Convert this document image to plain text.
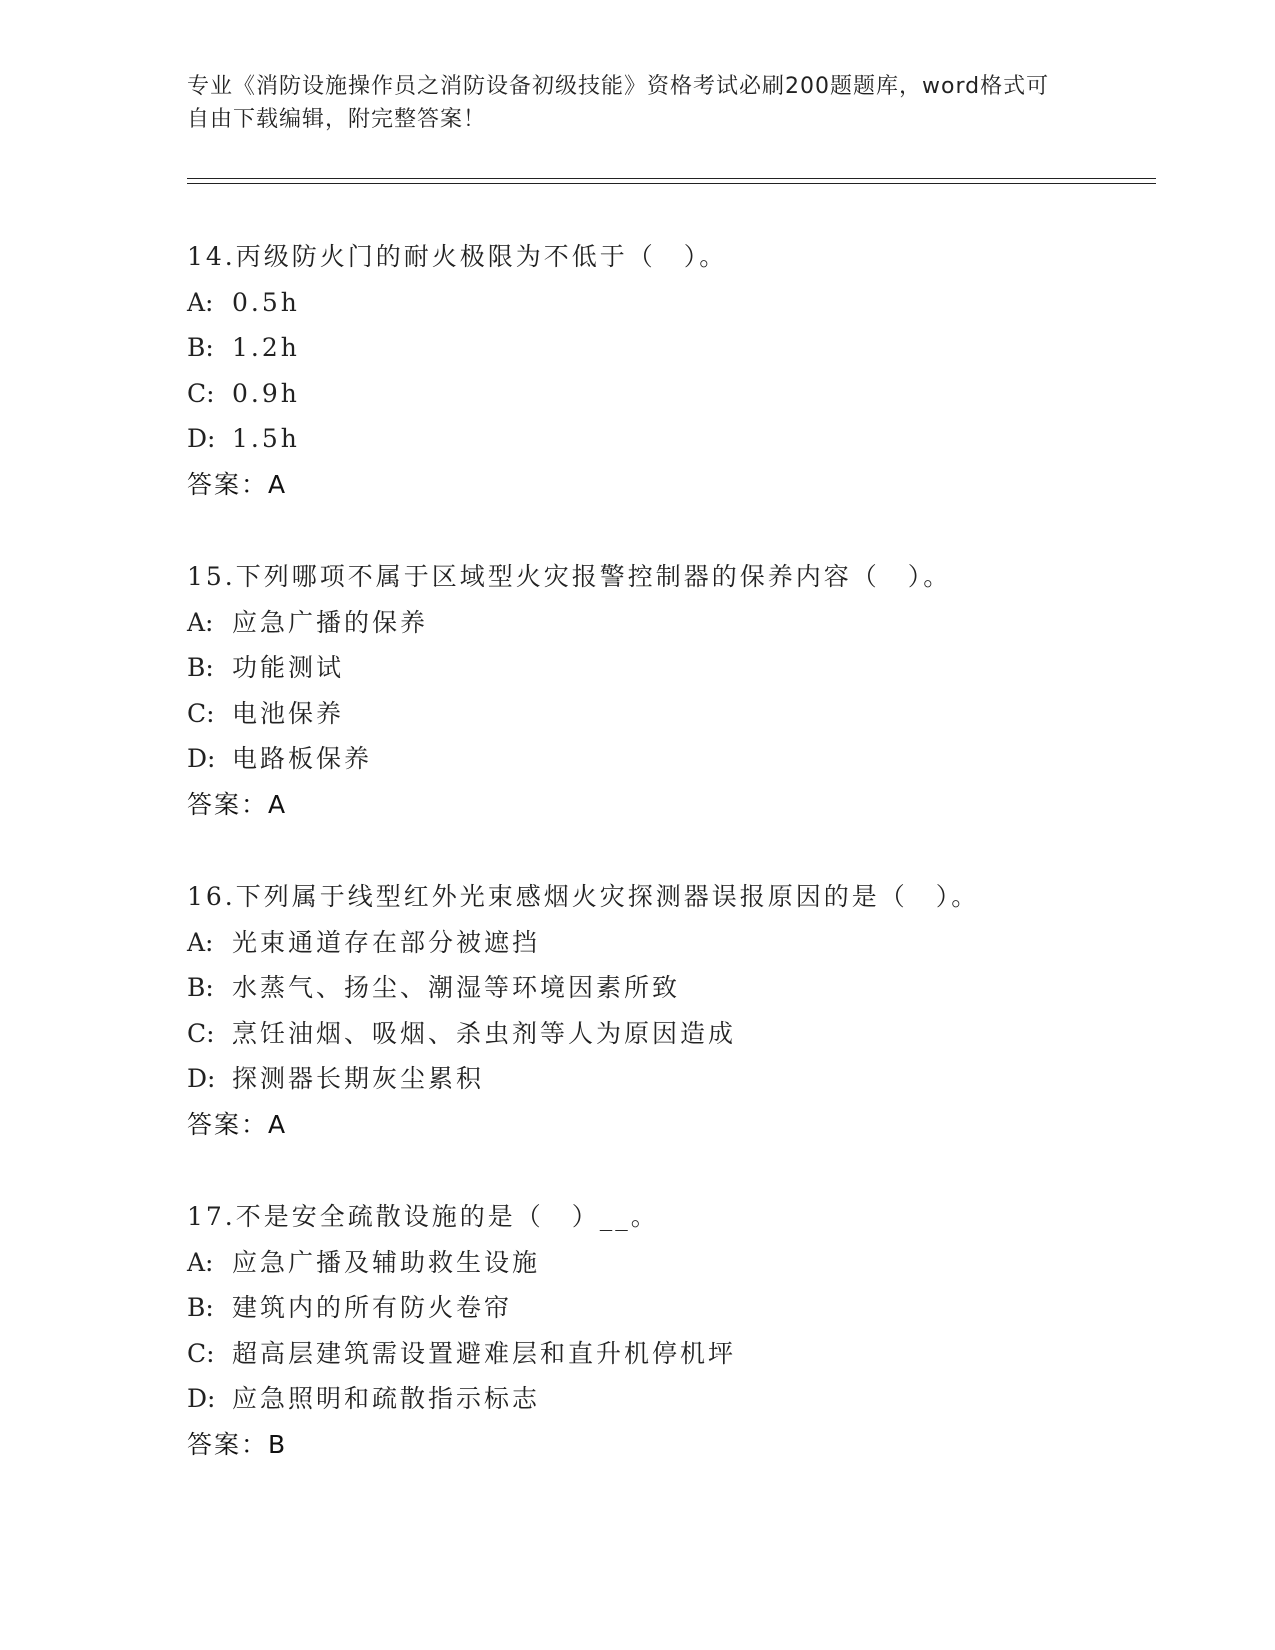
专业《消防设施操作员之消防设备初级技能》资格考试必刷200题题库，word格式可自由下载编辑，附完整答案！
14.丙级防火门的耐火极限为不低于（　）。
A: 0.5h
B: 1.2h
C: 0.9h
D: 1.5h
答案：A
15.下列哪项不属于区域型火灾报警控制器的保养内容（　）。
A: 应急广播的保养
B: 功能测试
C: 电池保养
D: 电路板保养
答案：A
16.下列属于线型红外光束感烟火灾探测器误报原因的是（　）。
A: 光束通道存在部分被遮挡
B: 水蒸气、扬尘、潮湿等环境因素所致
C: 烹饪油烟、吸烟、杀虫剂等人为原因造成
D: 探测器长期灰尘累积
答案：A
17.不是安全疏散设施的是（　）__。
A: 应急广播及辅助救生设施
B: 建筑内的所有防火卷帘
C: 超高层建筑需设置避难层和直升机停机坪
D: 应急照明和疏散指示标志
答案：B
